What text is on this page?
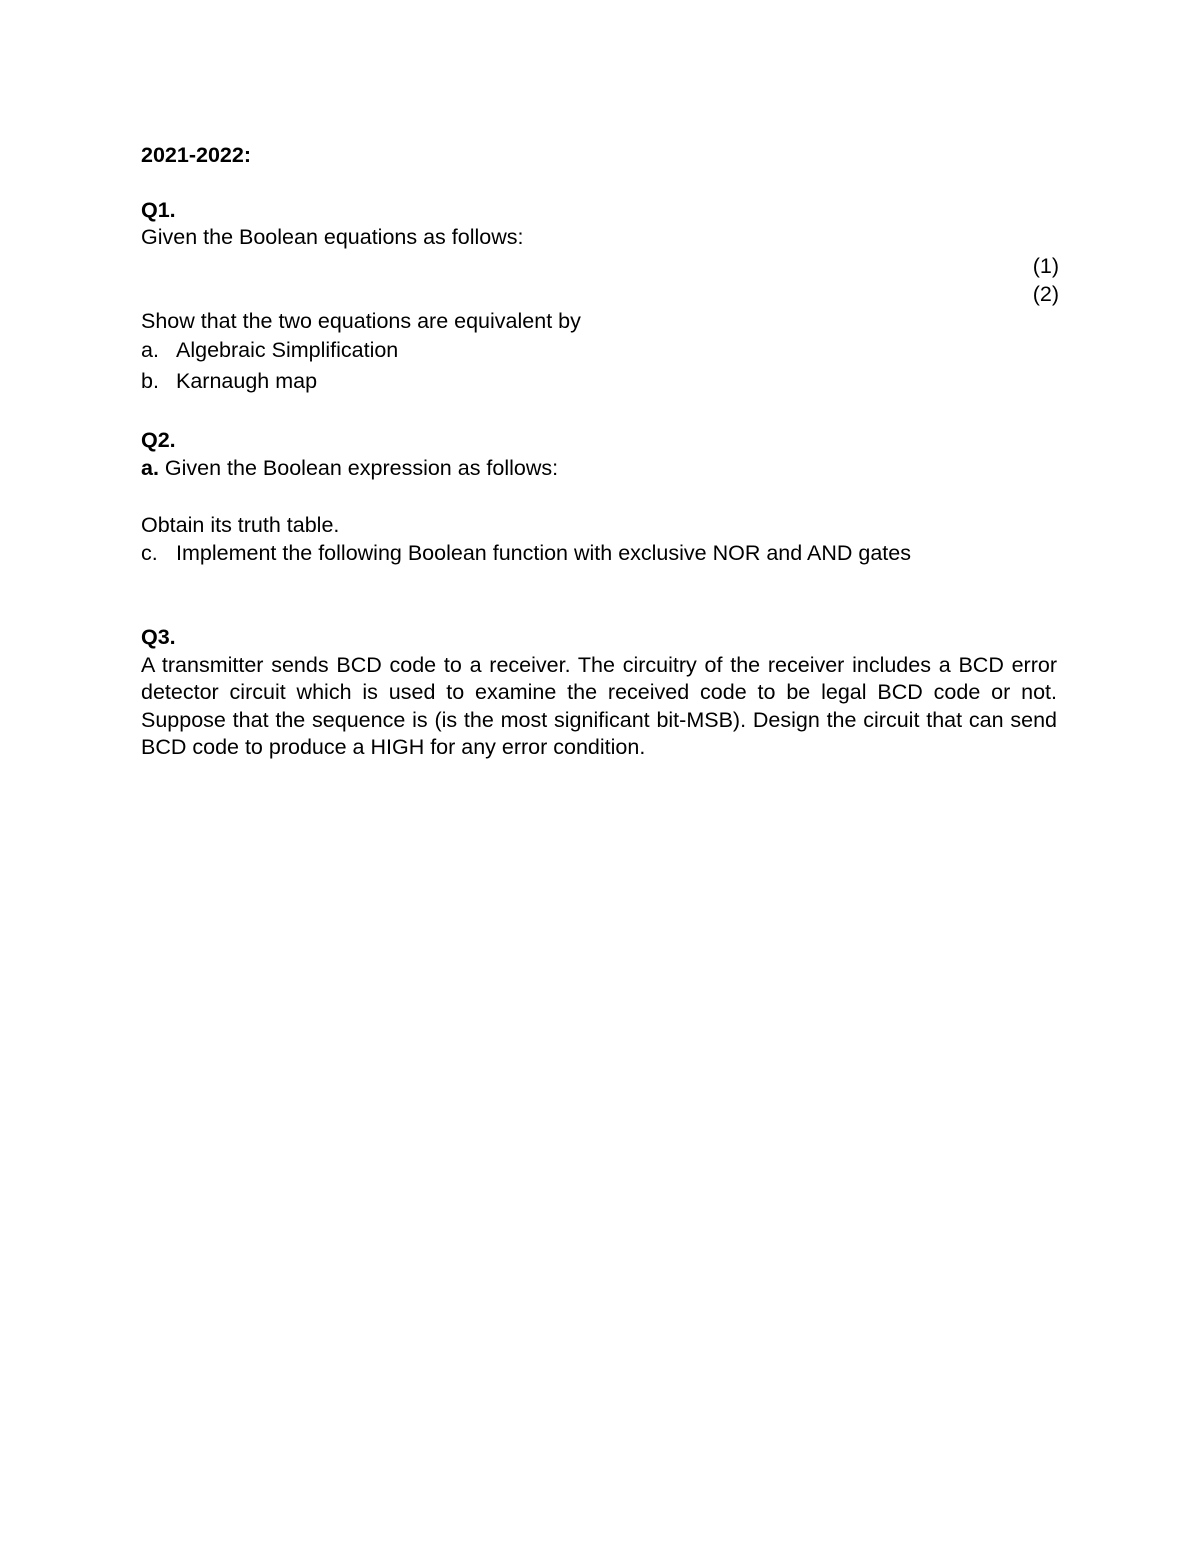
2021-2022:
Q1.
Given the Boolean equations as follows:
(1)
(2)
Show that the two equations are equivalent by
a. Algebraic Simplification
b. Karnaugh map
Q2.
a. Given the Boolean expression as follows:
Obtain its truth table.
c. Implement the following Boolean function with exclusive NOR and AND gates
Q3.
A transmitter sends BCD code to a receiver. The circuitry of the receiver includes a BCD error detector circuit which is used to examine the received code to be legal BCD code or not. Suppose that the sequence is (is the most significant bit-MSB). Design the circuit that can send BCD code to produce a HIGH for any error condition.
